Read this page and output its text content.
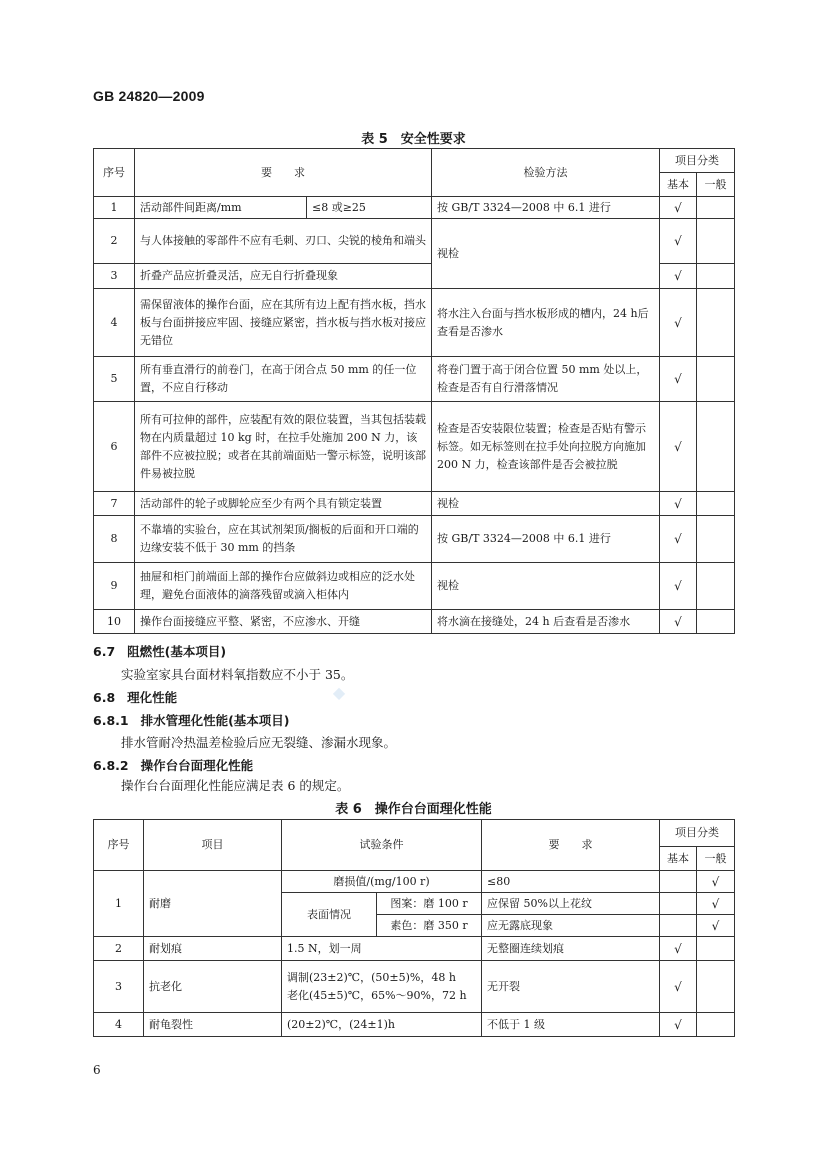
GB 24820—2009
表 5　安全性要求
序号	要　　求		检验方法	项目分类	
				基本	一般
1	活动部件间距离/mm	≤8 或≥25	按 GB/T 3324—2008 中 6.1 进行	√	
2	与人体接触的零部件不应有毛刺、刃口、尖锐的棱角和端头		视检	√	
3	折叠产品应折叠灵活，应无自行折叠现象			√	
4	需保留液体的操作台面，应在其所有边上配有挡水板，挡水板与台面拼接应牢固、接缝应紧密，挡水板与挡水板对接应无错位		将水注入台面与挡水板形成的槽内，24 h后查看是否渗水	√	
5	所有垂直滑行的前卷门，在高于闭合点 50 mm 的任一位置，不应自行移动		将卷门置于高于闭合位置 50 mm 处以上，检查是否有自行滑落情况	√	
6	所有可拉伸的部件，应装配有效的限位装置，当其包括装载物在内质量超过 10 kg 时，在拉手处施加 200 N 力，该部件不应被拉脱；或者在其前端面贴一警示标签，说明该部件易被拉脱		检查是否安装限位装置；检查是否贴有警示标签。如无标签则在拉手处向拉脱方向施加 200 N 力，检查该部件是否会被拉脱	√	
7	活动部件的轮子或脚轮应至少有两个具有锁定装置		视检	√	
8	不靠墙的实验台，应在其试剂架顶/搁板的后面和开口端的边缘安装不低于 30 mm 的挡条		按 GB/T 3324—2008 中 6.1 进行	√	
9	抽屉和柜门前端面上部的操作台应做斜边或相应的泛水处理，避免台面液体的滴落残留或滴入柜体内		视检	√	
10	操作台面接缝应平整、紧密，不应渗水、开缝		将水滴在接缝处，24 h 后查看是否渗水	√	
6.7 阻燃性(基本项目)
实验室家具台面材料氧指数应不小于 35。
6.8 理化性能
6.8.1 排水管理化性能(基本项目)
排水管耐冷热温差检验后应无裂缝、渗漏水现象。
6.8.2 操作台台面理化性能
操作台台面理化性能应满足表 6 的规定。
◆
表 6　操作台台面理化性能
序号	项目	试验条件		要　　求	项目分类	
					基本	一般
1	耐磨	磨损值/(mg/100 r)		≤80		√
		表面情况	图案：磨 100 r	应保留 50%以上花纹		√
			素色：磨 350 r	应无露底现象		√
2	耐划痕	1.5 N，划一周		无整圈连续划痕	√	
3	抗老化	调制(23±2)℃，(50±5)%，48 h
老化(45±5)℃，65%～90%，72 h		无开裂	√	
4	耐龟裂性	(20±2)℃，(24±1)h		不低于 1 级	√	
6
